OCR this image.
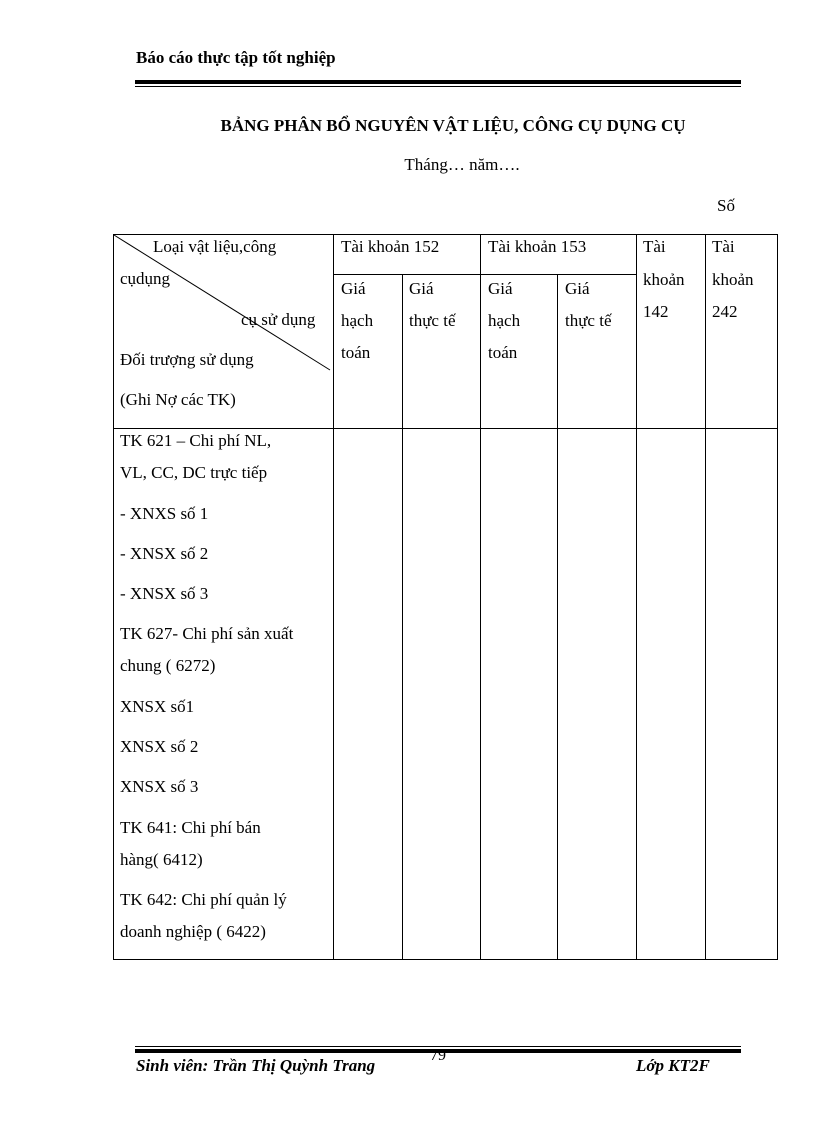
Báo cáo thực tập tốt nghiệp
BẢNG PHÂN BỔ NGUYÊN VẬT LIỆU, CÔNG CỤ DỤNG CỤ
Tháng… năm….
Số
Loại vật liệu,công
cụdụng
cụ sử dụng
Đối trượng sử dụng
(Ghi Nợ các TK)
Tài khoản 152	Tài khoản 153	Tài
khoản
142
Tài
khoản
242
Giá
hạch
toán
Giá
thực tế
Giá
hạch
toán
Giá
thực tế
TK 621 – Chi phí NL,
VL, CC, DC trực tiếp
- XNXS số 1
- XNSX số 2
- XNSX số 3
TK 627- Chi phí sản xuất
chung ( 6272)
XNSX số1
XNSX số 2
XNSX số 3
TK 641: Chi phí bán
hàng( 6412)
TK 642: Chi phí quản lý
doanh nghiệp ( 6422)
Sinh viên: Trần Thị Quỳnh Trang
79
Lớp KT2F
